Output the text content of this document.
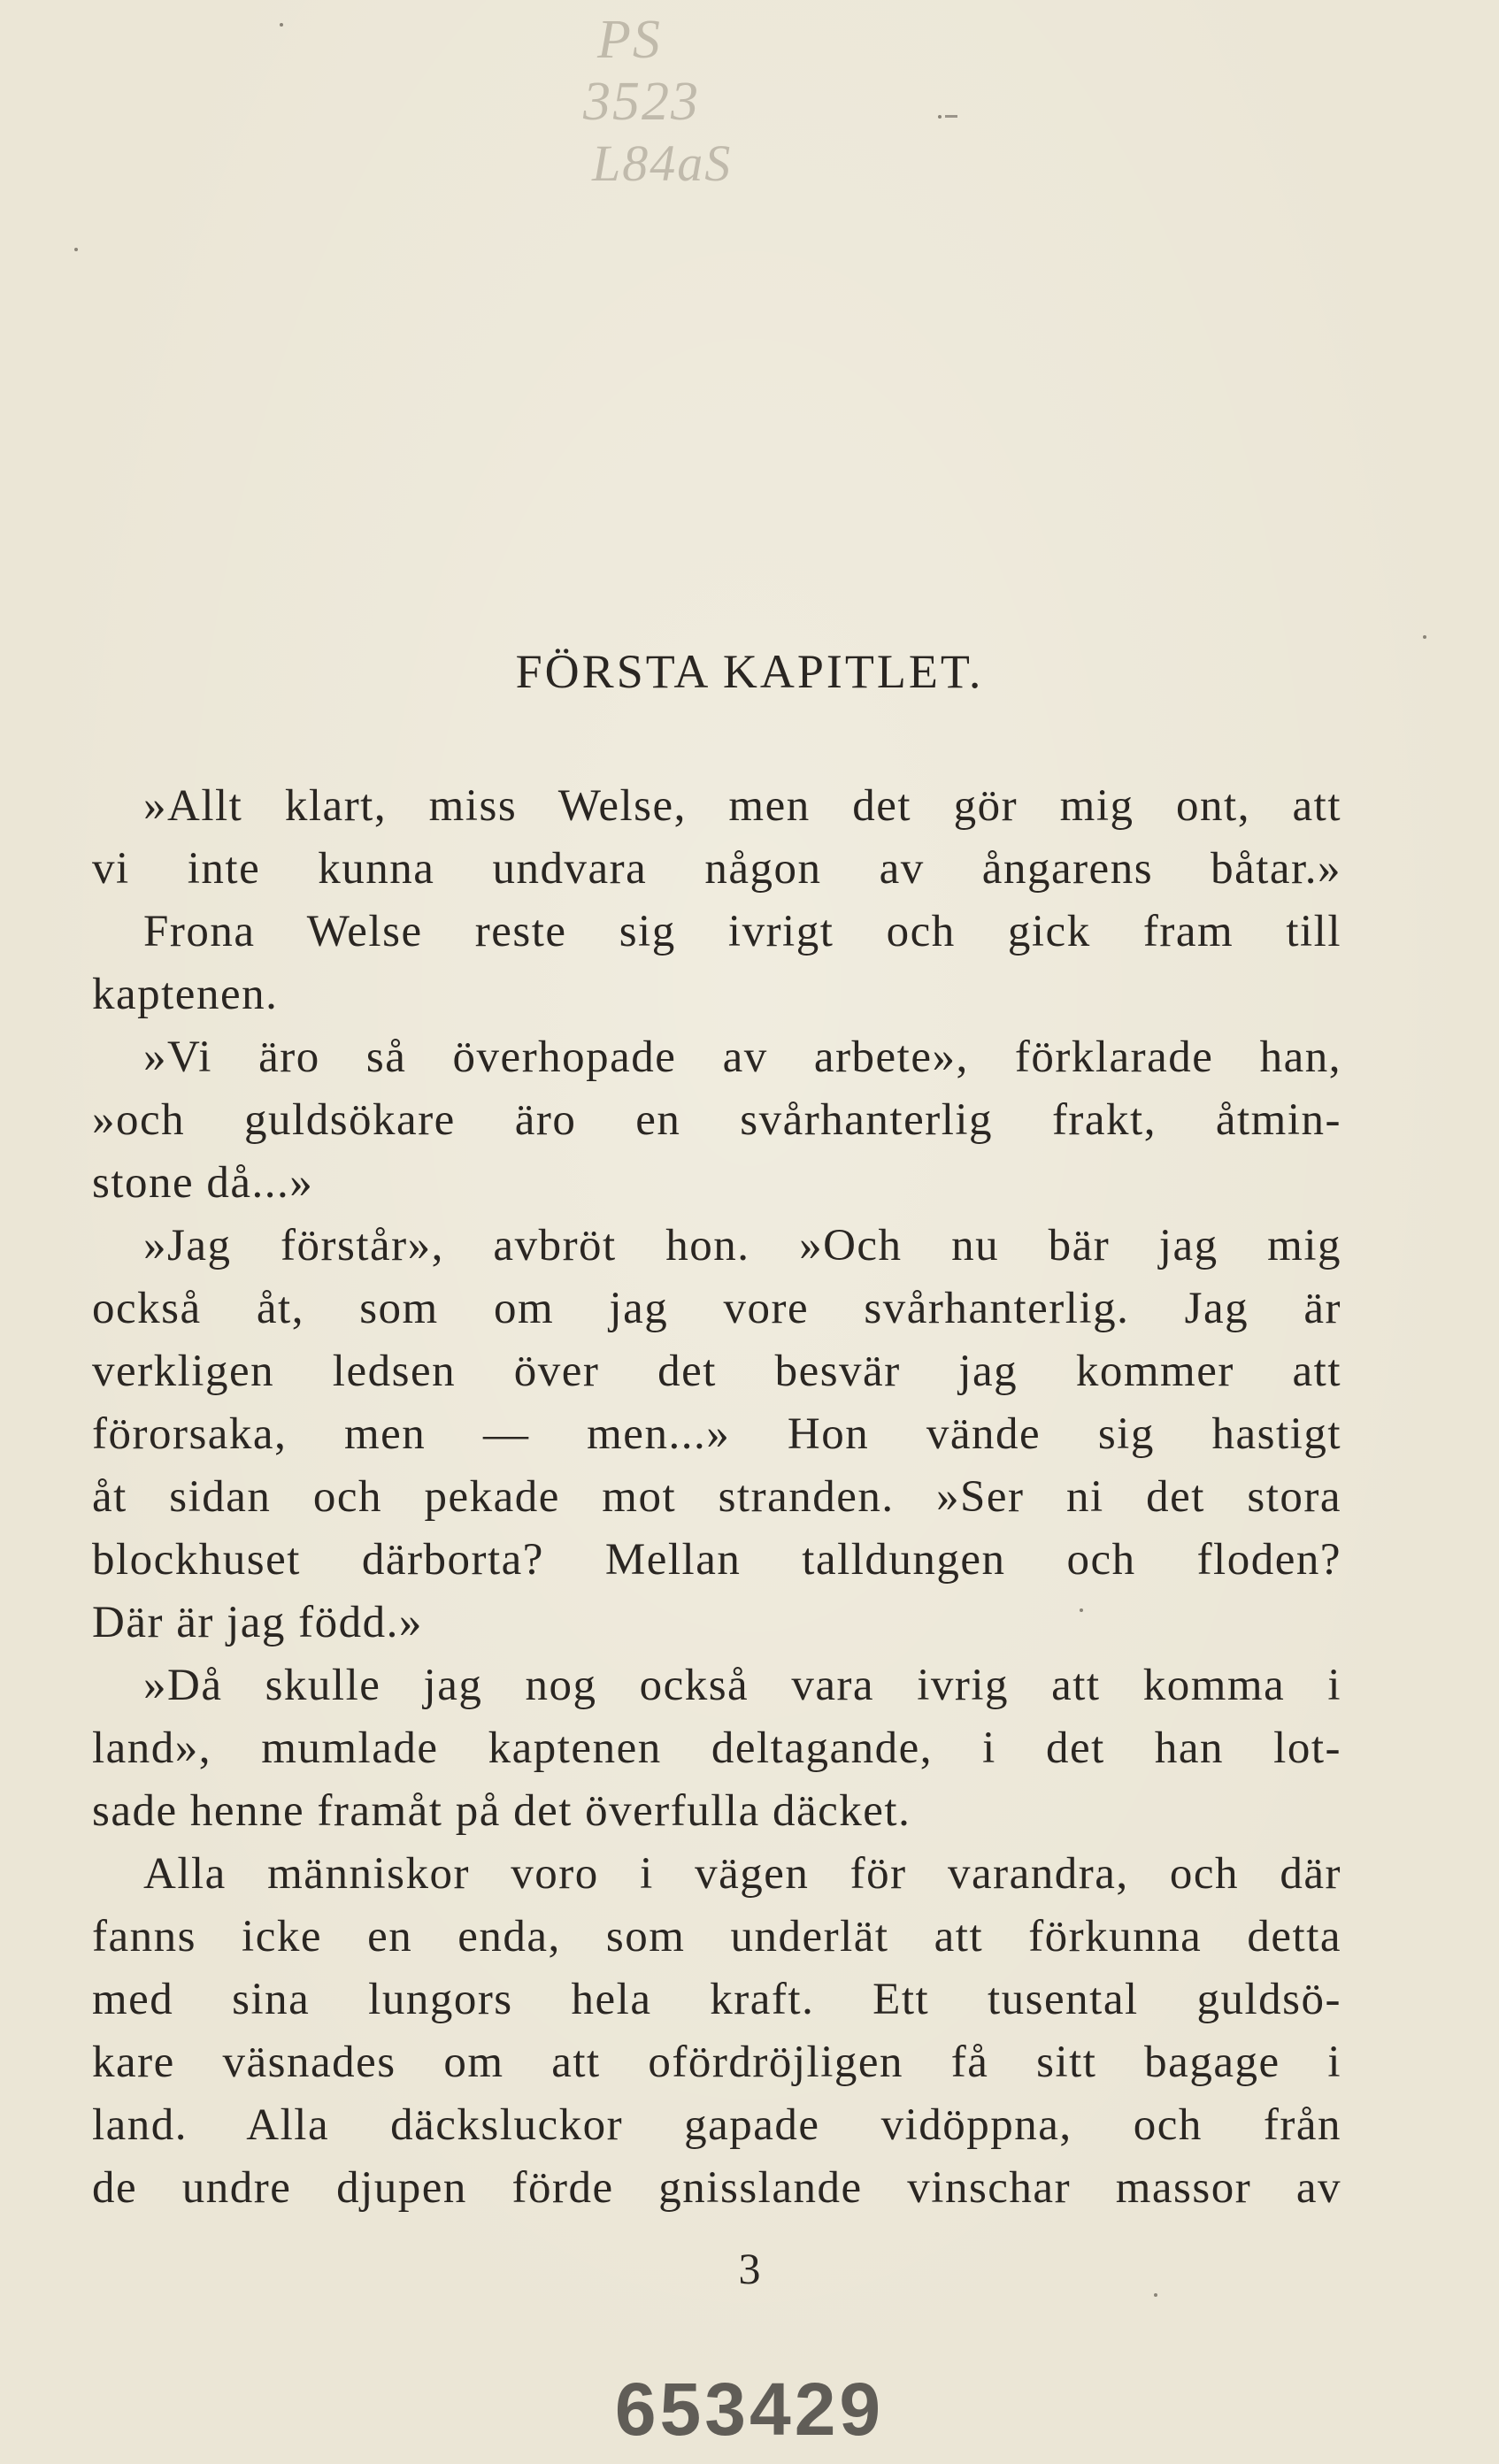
PS
3523
L84aS
FÖRSTA KAPITLET.
»Allt klart, miss Welse, men det gör mig ont, att
vi inte kunna undvara någon av ångarens båtar.»
Frona Welse reste sig ivrigt och gick fram till
kaptenen.
»Vi äro så överhopade av arbete», förklarade han,
»och guldsökare äro en svårhanterlig frakt, åtmin-
stone då...»
»Jag förstår», avbröt hon. »Och nu bär jag mig
också åt, som om jag vore svårhanterlig. Jag är
verkligen ledsen över det besvär jag kommer att
förorsaka, men — men...» Hon vände sig hastigt
åt sidan och pekade mot stranden. »Ser ni det stora
blockhuset därborta? Mellan talldungen och floden?
Där är jag född.»
»Då skulle jag nog också vara ivrig att komma i
land», mumlade kaptenen deltagande, i det han lot-
sade henne framåt på det överfulla däcket.
Alla människor voro i vägen för varandra, och där
fanns icke en enda, som underlät att förkunna detta
med sina lungors hela kraft. Ett tusental guldsö-
kare väsnades om att ofördröjligen få sitt bagage i
land. Alla däcksluckor gapade vidöppna, och från
de undre djupen förde gnisslande vinschar massor av
3
653429
